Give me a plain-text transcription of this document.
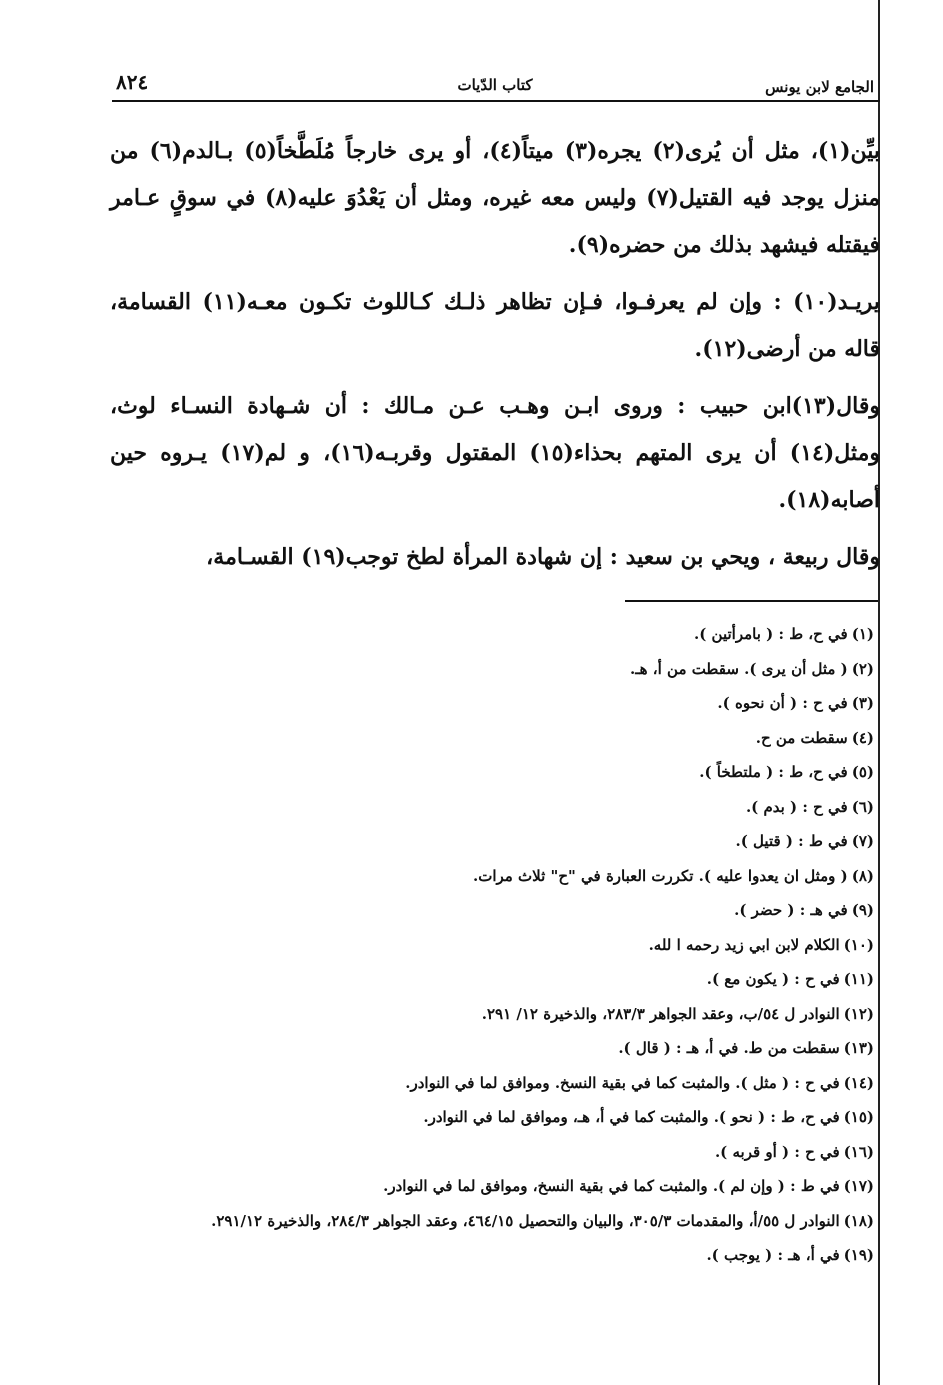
الجامع لابن يونس
كتاب الدّيات
٨٢٤

بيِّن(١)، مثل أن يُرى(٢) يجره(٣) ميتاً(٤)، أو يرى خارجاً مُلَطَّخاً(٥) بـالدم(٦) من منزل يوجد فيه القتيل(٧) وليس معه غيره، ومثل أن يَعْدُوَ عليه(٨) في سوقٍ عـامر فيقتله فيشهد بذلك من حضره(٩).

يريـد(١٠) : وإن لم يعرفـوا، فـإن تظاهر ذلـك كـاللوث تكـون معـه(١١) القسامة، قاله من أرضى(١٢).

وقال(١٣)ابن حبيب : وروى ابـن وهـب عـن مـالك : أن شـهادة النسـاء لوث، ومثل(١٤) أن يرى المتهم بحذاء(١٥) المقتول وقربـه(١٦)، و لم(١٧) يـروه حين أصابه(١٨).

وقال ربيعة ، ويحي بن سعيد : إن شهادة المرأة لطخ توجب(١٩) القسـامة،

(١)في ح، ط : ( بامرأتين ).
(٢)( مثل أن يرى ). سقطت من أ، هـ.
(٣)في ح : ( أن نحوه ).
(٤)سقطت من ح.
(٥)في ح، ط : ( ملتطخاً ).
(٦)في ح : ( بدم ).
(٧)في ط : ( قتيل ).
(٨)( ومثل ان يعدوا عليه ). تكررت العبارة في "ح" ثلاث مرات.
(٩)في هـ : ( حضر ).
(١٠)الكلام لابن ابي زيد رحمه ا لله.
(١١)في ح : ( يكون مع ).
(١٢)النوادر ل ٥٤/ب، وعقد الجواهر ٢٨٣/٣، والذخيرة ١٢/ ٢٩١.
(١٣)سقطت من ط. في أ، هـ : ( قال ).
(١٤)في ح : ( مثل ). والمثبت كما في بقية النسخ. وموافق لما في النوادر.
(١٥)في ح، ط : ( نحو ). والمثبت كما في أ، هـ، وموافق لما في النوادر.
(١٦)في ح : ( أو قربه ).
(١٧)في ط : ( وإن لم ). والمثبت كما في بقية النسخ، وموافق لما في النوادر.
(١٨)النوادر ل ٥٥/أ، والمقدمات ٣٠٥/٣، والبيان والتحصيل ٤٦٤/١٥، وعقد الجواهر ٢٨٤/٣، والذخيرة ٢٩١/١٢.
(١٩)في أ، هـ : ( يوجب ).
